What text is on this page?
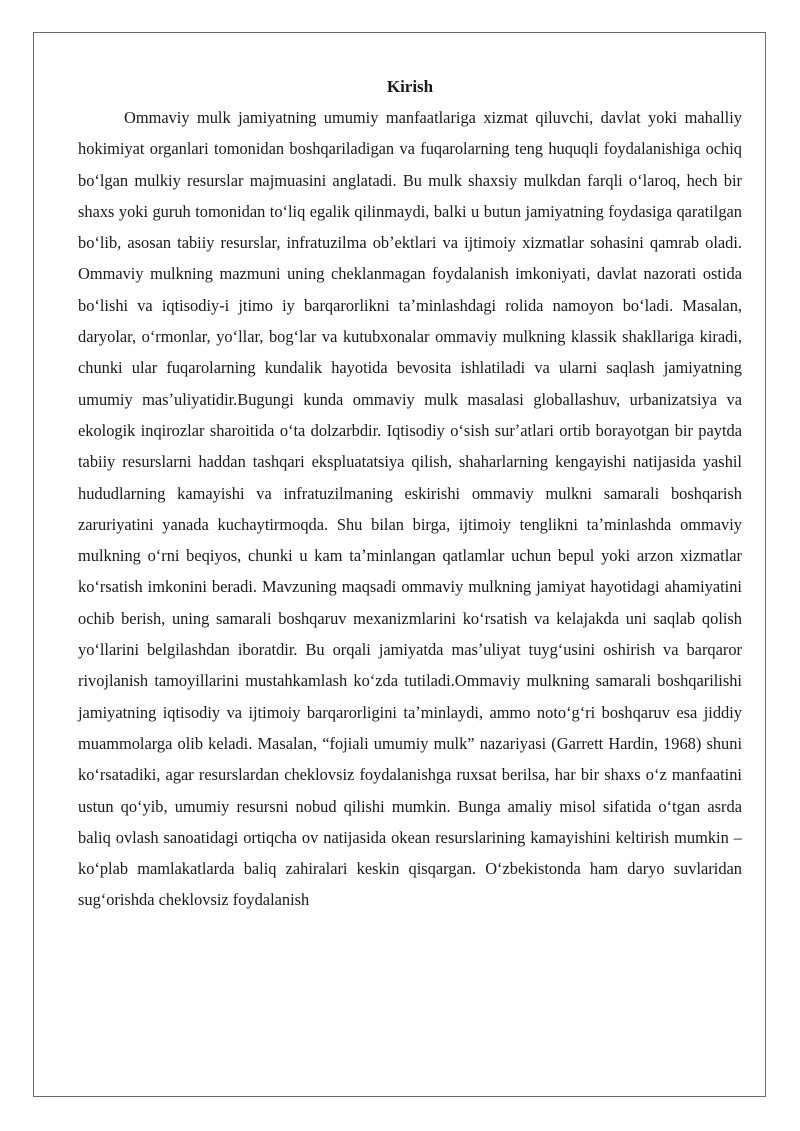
Kirish

Ommaviy mulk jamiyatning umumiy manfaatlariga xizmat qiluvchi, davlat yoki mahalliy hokimiyat organlari tomonidan boshqariladigan va fuqarolarning teng huquqli foydalanishiga ochiq boʻlgan mulkiy resurslar majmuasini anglatadi. Bu mulk shaxsiy mulkdan farqli oʻlaroq, hech bir shaxs yoki guruh tomonidan toʻliq egalik qilinmaydi, balki u butun jamiyatning foydasiga qaratilgan boʻlib, asosan tabiiy resurslar, infratuzilma obʼektlari va ijtimoiy xizmatlar sohasini qamrab oladi. Ommaviy mulkning mazmuni uning cheklanmagan foydalanish imkoniyati, davlat nazorati ostida boʻlishi va iqtisodiy-i jtimo iy barqarorlikni taʼminlashdagi rolida namoyon boʻladi. Masalan, daryolar, oʻrmonlar, yoʻllar, bogʻlar va kutubxonalar ommaviy mulkning klassik shakllariga kiradi, chunki ular fuqarolarning kundalik hayotida bevosita ishlatiladi va ularni saqlash jamiyatning umumiy masʼuliyatidir.Bugungi kunda ommaviy mulk masalasi globallashuv, urbanizatsiya va ekologik inqirozlar sharoitida oʻta dolzarbdir. Iqtisodiy oʻsish surʼatlari ortib borayotgan bir paytda tabiiy resurslarni haddan tashqari ekspluatatsiya qilish, shaharlarning kengayishi natijasida yashil hududlarning kamayishi va infratuzilmaning eskirishi ommaviy mulkni samarali boshqarish zaruriyatini yanada kuchaytirmoqda. Shu bilan birga, ijtimoiy tenglikni taʼminlashda ommaviy mulkning oʻrni beqiyos, chunki u kam taʼminlangan qatlamlar uchun bepul yoki arzon xizmatlar koʻrsatish imkonini beradi. Mavzuning maqsadi ommaviy mulkning jamiyat hayotidagi ahamiyatini ochib berish, uning samarali boshqaruv mexanizmlarini koʻrsatish va kelajakda uni saqlab qolish yoʻllarini belgilashdan iboratdir. Bu orqali jamiyatda masʼuliyat tuygʻusini oshirish va barqaror rivojlanish tamoyillarini mustahkamlash koʻzda tutiladi.Ommaviy mulkning samarali boshqarilishi jamiyatning iqtisodiy va ijtimoiy barqarorligini taʼminlaydi, ammo notoʻgʻri boshqaruv esa jiddiy muammolarga olib keladi. Masalan, “fojiali umumiy mulk” nazariyasi (Garrett Hardin, 1968) shuni koʻrsatadiki, agar resurslardan cheklovsiz foydalanishga ruxsat berilsa, har bir shaxs oʻz manfaatini ustun qoʻyib, umumiy resursni nobud qilishi mumkin. Bunga amaliy misol sifatida oʻtgan asrda baliq ovlash sanoatidagi ortiqcha ov natijasida okean resurslarining kamayishini keltirish mumkin – koʻplab mamlakatlarda baliq zahiralari keskin qisqargan. Oʻzbekistonda ham daryo suvlaridan sugʻorishda cheklovsiz foydalanish
